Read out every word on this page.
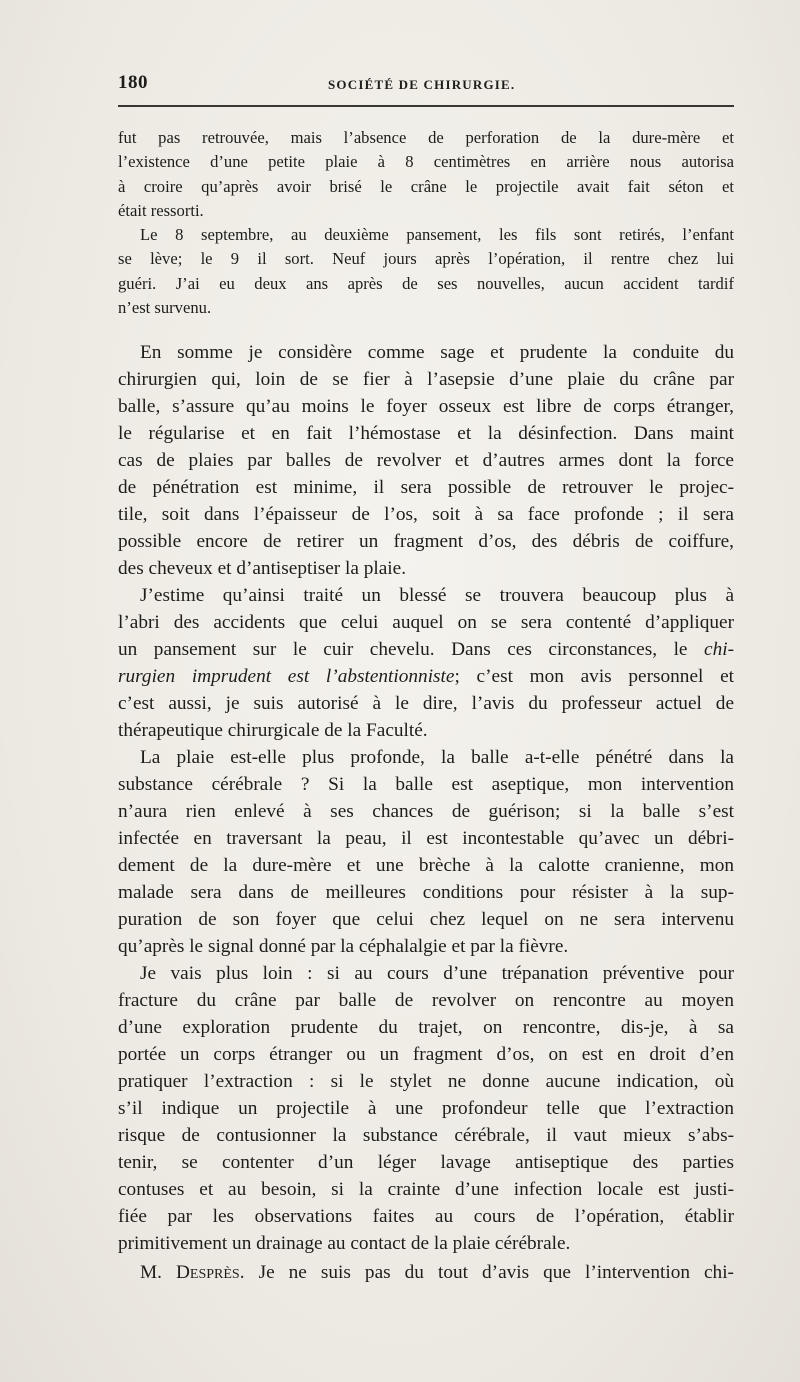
180	SOCIÉTÉ DE CHIRURGIE.
fut pas retrouvée, mais l’absence de perforation de la dure-mère et
l’existence d’une petite plaie à 8 centimètres en arrière nous autorisa
à croire qu’après avoir brisé le crâne le projectile avait fait séton et
était ressorti.
Le 8 septembre, au deuxième pansement, les fils sont retirés, l’enfant
se lève; le 9 il sort. Neuf jours après l’opération, il rentre chez lui
guéri. J’ai eu deux ans après de ses nouvelles, aucun accident tardif
n’est survenu.
En somme je considère comme sage et prudente la conduite du
chirurgien qui, loin de se fier à l’asepsie d’une plaie du crâne par
balle, s’assure qu’au moins le foyer osseux est libre de corps étranger,
le régularise et en fait l’hémostase et la désinfection. Dans maint
cas de plaies par balles de revolver et d’autres armes dont la force
de pénétration est minime, il sera possible de retrouver le projec-
tile, soit dans l’épaisseur de l’os, soit à sa face profonde ; il sera
possible encore de retirer un fragment d’os, des débris de coiffure,
des cheveux et d’antiseptiser la plaie.
J’estime qu’ainsi traité un blessé se trouvera beaucoup plus à
l’abri des accidents que celui auquel on se sera contenté d’appliquer
un pansement sur le cuir chevelu. Dans ces circonstances, le chi-
rurgien imprudent est l’abstentionniste; c’est mon avis personnel et
c’est aussi, je suis autorisé à le dire, l’avis du professeur actuel de
thérapeutique chirurgicale de la Faculté.
La plaie est-elle plus profonde, la balle a-t-elle pénétré dans la
substance cérébrale ? Si la balle est aseptique, mon intervention
n’aura rien enlevé à ses chances de guérison; si la balle s’est
infectée en traversant la peau, il est incontestable qu’avec un débri-
dement de la dure-mère et une brèche à la calotte cranienne, mon
malade sera dans de meilleures conditions pour résister à la sup-
puration de son foyer que celui chez lequel on ne sera intervenu
qu’après le signal donné par la céphalalgie et par la fièvre.
Je vais plus loin : si au cours d’une trépanation préventive pour
fracture du crâne par balle de revolver on rencontre au moyen
d’une exploration prudente du trajet, on rencontre, dis-je, à sa
portée un corps étranger ou un fragment d’os, on est en droit d’en
pratiquer l’extraction : si le stylet ne donne aucune indication, où
s’il indique un projectile à une profondeur telle que l’extraction
risque de contusionner la substance cérébrale, il vaut mieux s’abs-
tenir, se contenter d’un léger lavage antiseptique des parties
contuses et au besoin, si la crainte d’une infection locale est justi-
fiée par les observations faites au cours de l’opération, établir
primitivement un drainage au contact de la plaie cérébrale.
M. Desprès. Je ne suis pas du tout d’avis que l’intervention chi-
